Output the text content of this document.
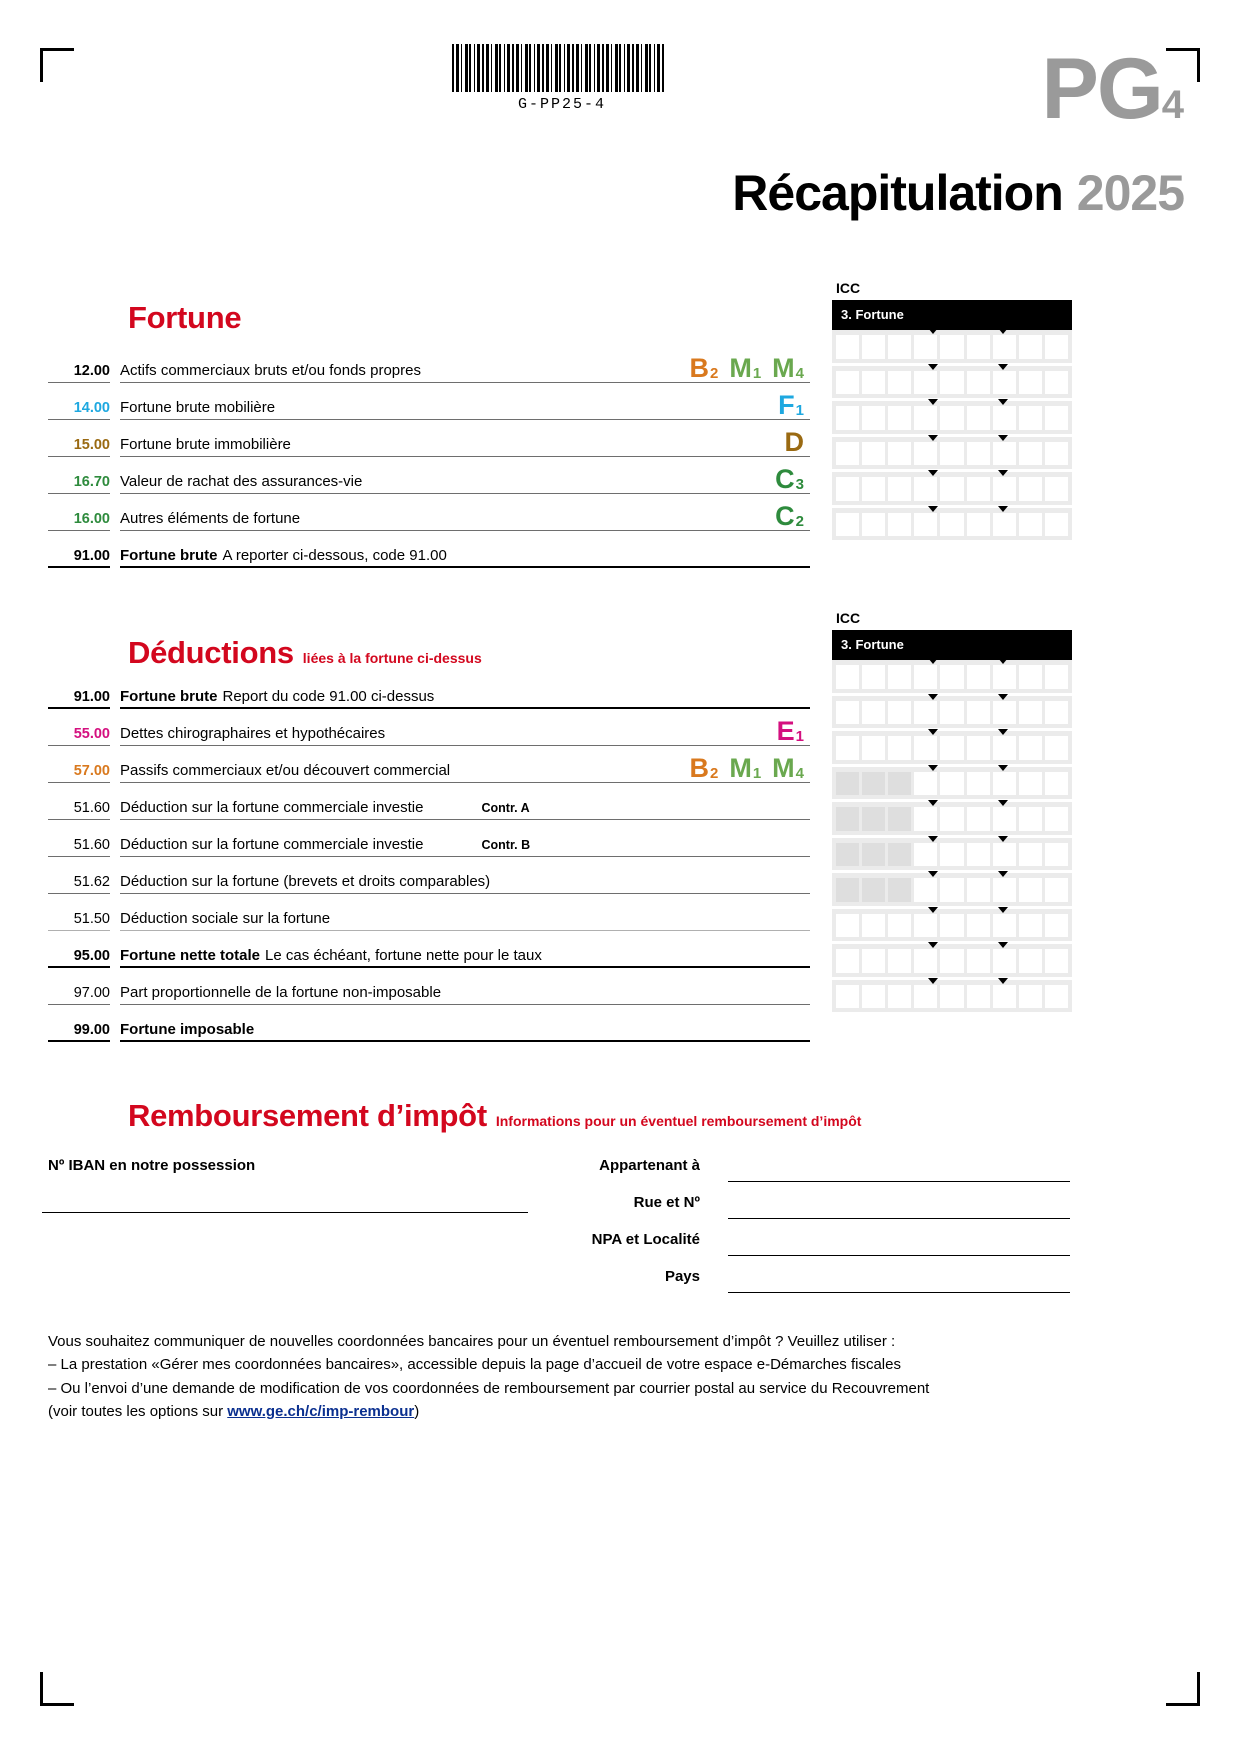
G-PP25-4	PG 4
Récapitulation 2025
Fortune
12.00 Actifs commerciaux bruts et/ou fonds propres	$B_2$ $M_1$ $M_4$
14.00 Fortune brute mobilière	$F_1$
15.00 Fortune brute immobilière	D
16.70 Valeur de rachat des assurances-vie	$C_3$
16.00 Autres éléments de fortune	$C_2$
91.00 Fortune brute A reporter ci-dessous, code 91.00
ICC
3. Fortune
Déductions liées à la fortune ci-dessus
91.00 Fortune brute Report du code 91.00 ci-dessus
55.00 Dettes chirographaires et hypothécaires	$E_1$
57.00 Passifs commerciaux et/ou découvert commercial	$B_2$ $M_1$ $M_4$
51.60 Déduction sur la fortune commerciale investie	Contr. A
51.60 Déduction sur la fortune commerciale investie	Contr. B
51.62 Déduction sur la fortune (brevets et droits comparables)
51.50 Déduction sociale sur la fortune
95.00 Fortune nette totale Le cas échéant, fortune nette pour le taux
97.00 Part proportionnelle de la fortune non-imposable
99.00 Fortune imposable
ICC
3. Fortune
Remboursement d’impôt Informations pour un éventuel remboursement d’impôt
Nº IBAN en notre possession	Appartenant à
Rue et Nº
NPA et Localité
Pays
Vous souhaitez communiquer de nouvelles coordonnées bancaires pour un éventuel remboursement d’impôt ? Veuillez utiliser :
– La prestation «Gérer mes coordonnées bancaires», accessible depuis la page d’accueil de votre espace e-Démarches fiscales
– Ou l’envoi d’une demande de modification de vos coordonnées de remboursement par courrier postal au service du Recouvrement
(voir toutes les options sur www.ge.ch/c/imp-rembour)
